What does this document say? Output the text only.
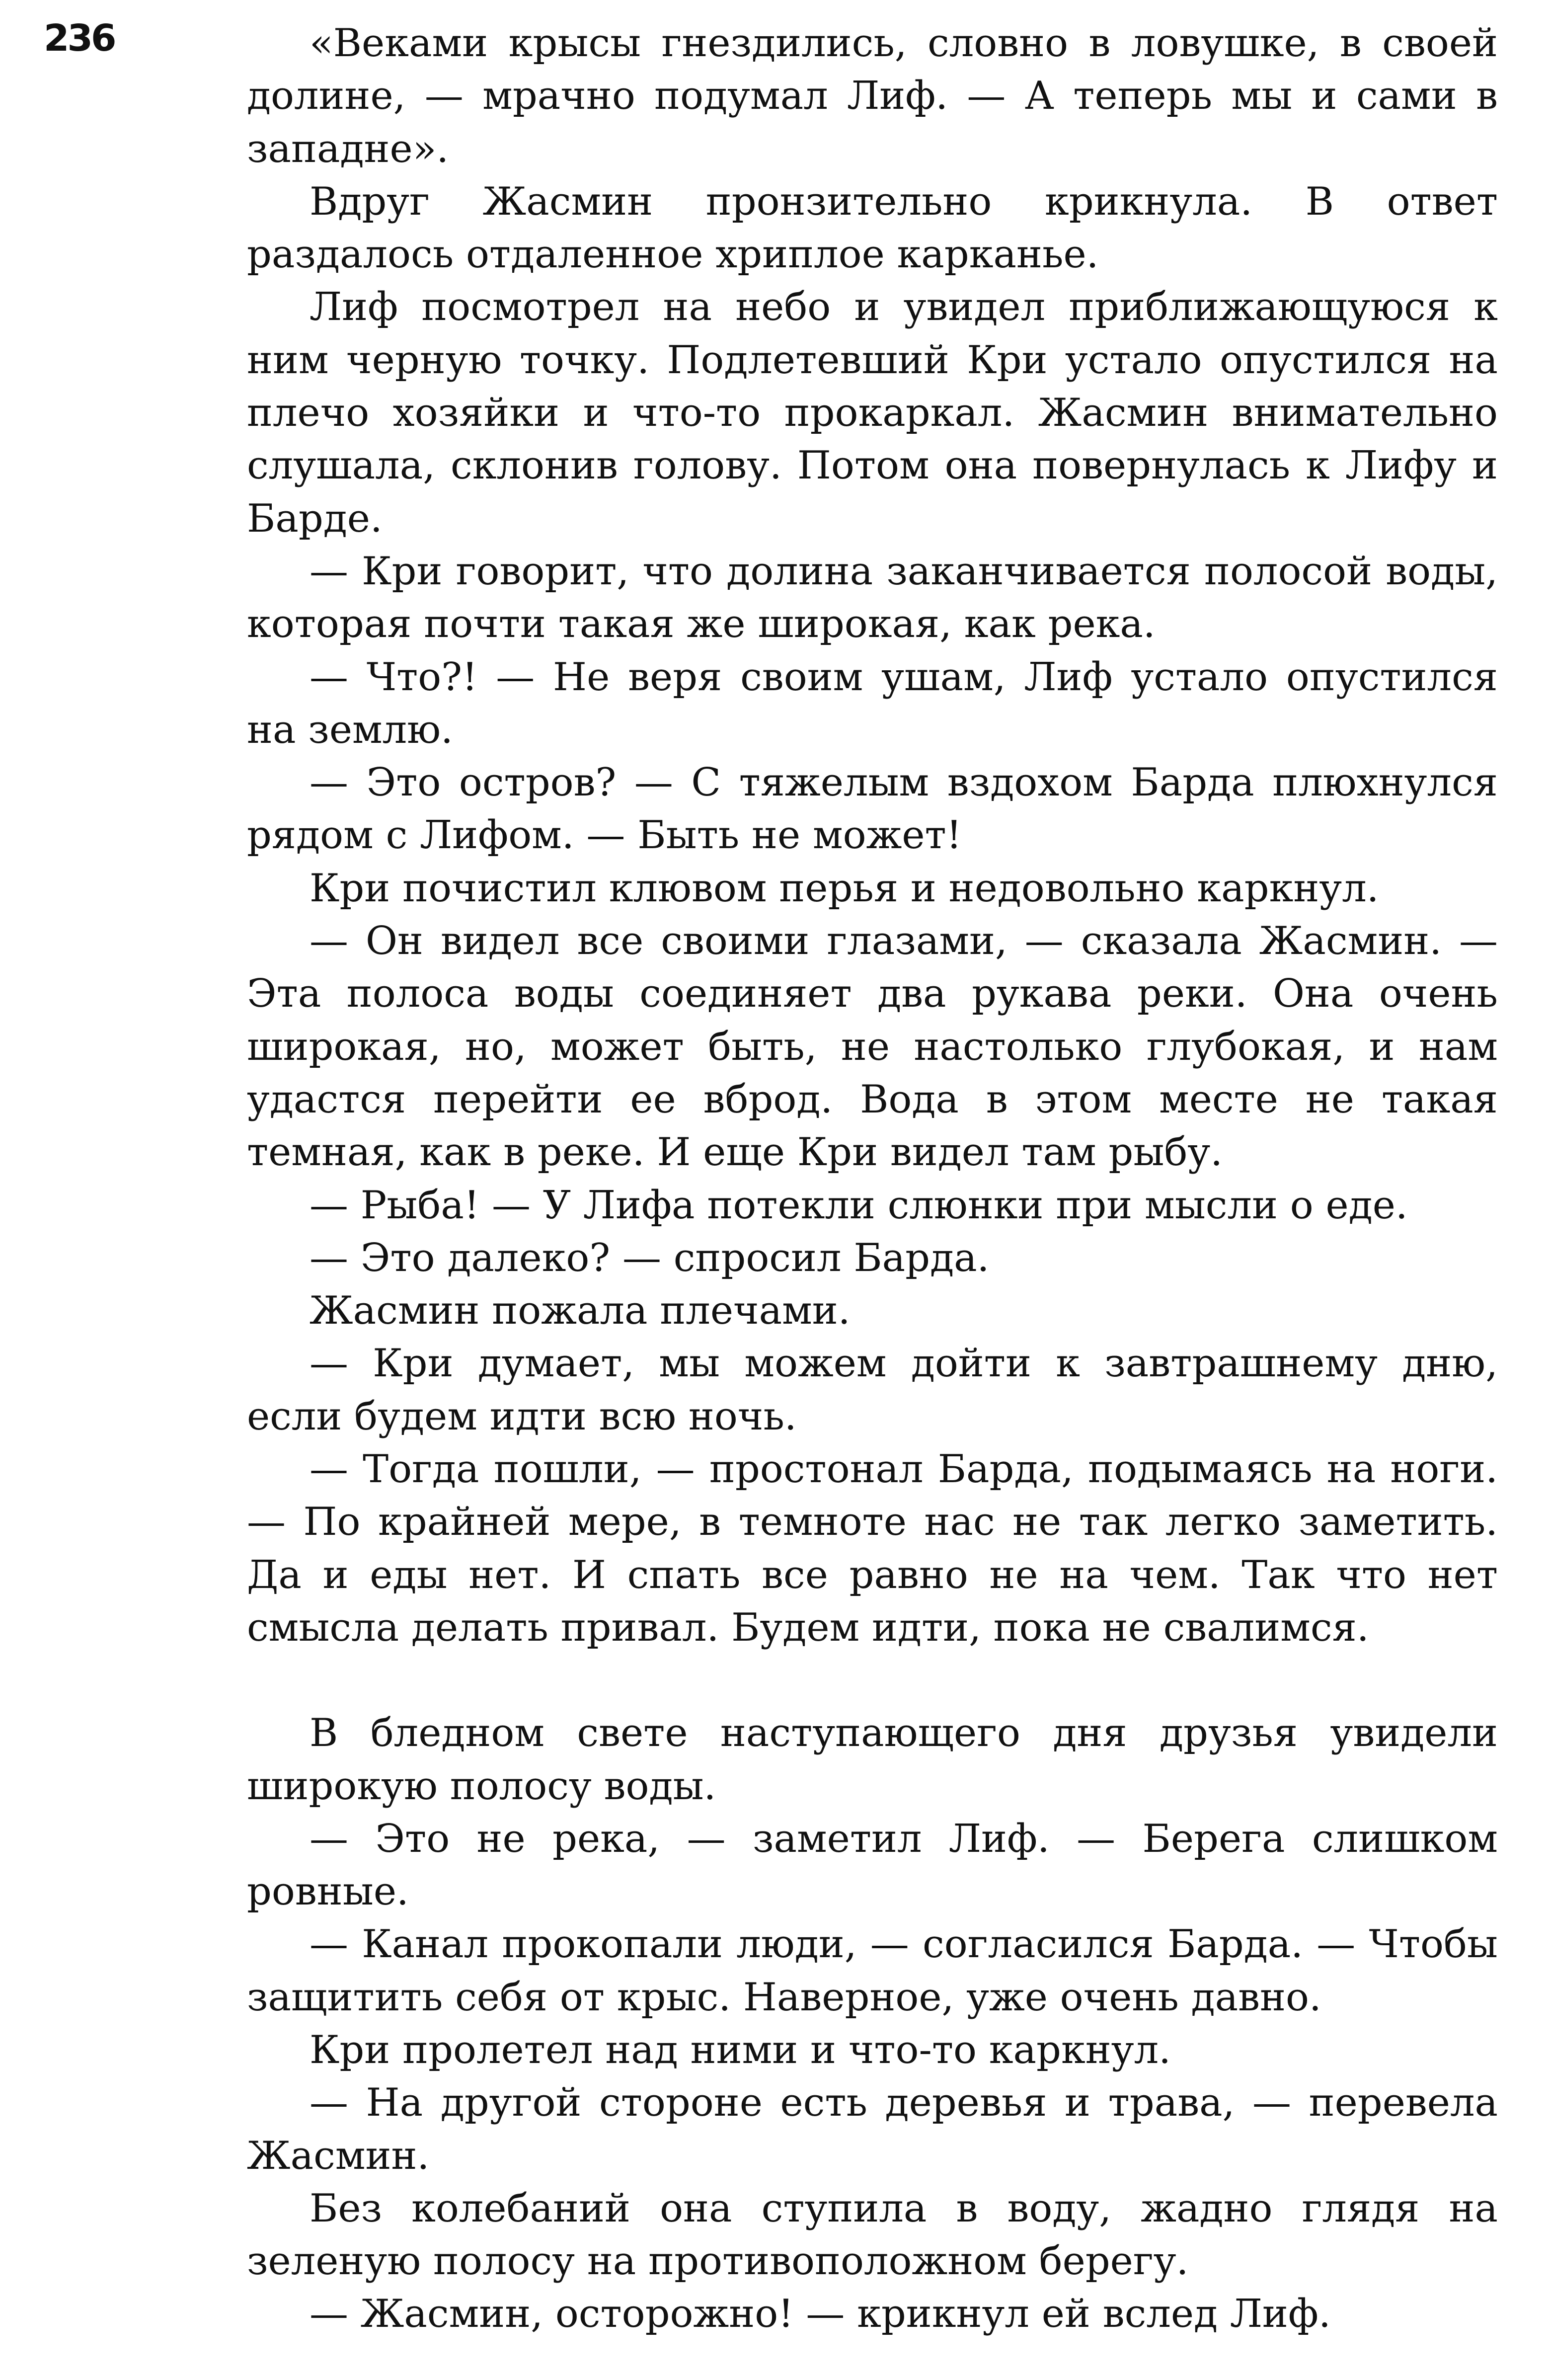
236	«Веками крысы гнездились, словно в ловушке, в своей долине, — мрачно подумал Лиф. — А теперь мы и сами в западне».

Вдруг Жасмин пронзительно крикнула. В ответ раздалось отдаленное хриплое карканье.

Лиф посмотрел на небо и увидел приближающуюся к ним черную точку. Подлетевший Кри устало опустился на плечо хозяйки и что-то прокаркал. Жасмин внимательно слушала, склонив голову. Потом она повернулась к Лифу и Барде.

— Кри говорит, что долина заканчивается полосой воды, которая почти такая же широкая, как река.

— Что?! — Не веря своим ушам, Лиф устало опустился на землю.

— Это остров? — С тяжелым вздохом Барда плюхнулся рядом с Лифом. — Быть не может!

Кри почистил клювом перья и недовольно каркнул.

— Он видел все своими глазами, — сказала Жасмин. — Эта полоса воды соединяет два рукава реки. Она очень широкая, но, может быть, не настолько глубокая, и нам удастся перейти ее вброд. Вода в этом месте не такая темная, как в реке. И еще Кри видел там рыбу.

— Рыба! — У Лифа потекли слюнки при мысли о еде.

— Это далеко? — спросил Барда.

Жасмин пожала плечами.

— Кри думает, мы можем дойти к завтрашнему дню, если будем идти всю ночь.

— Тогда пошли, — простонал Барда, подымаясь на ноги. — По крайней мере, в темноте нас не так легко заметить. Да и еды нет. И спать все равно не на чем. Так что нет смысла делать привал. Будем идти, пока не свалимся.

В бледном свете наступающего дня друзья увидели широкую полосу воды.

— Это не река, — заметил Лиф. — Берега слишком ровные.

— Канал прокопали люди, — согласился Барда. — Чтобы защитить себя от крыс. Наверное, уже очень давно.

Кри пролетел над ними и что-то каркнул.

— На другой стороне есть деревья и трава, — перевела Жасмин.

Без колебаний она ступила в воду, жадно глядя на зеленую полосу на противоположном берегу.

— Жасмин, осторожно! — крикнул ей вслед Лиф.
